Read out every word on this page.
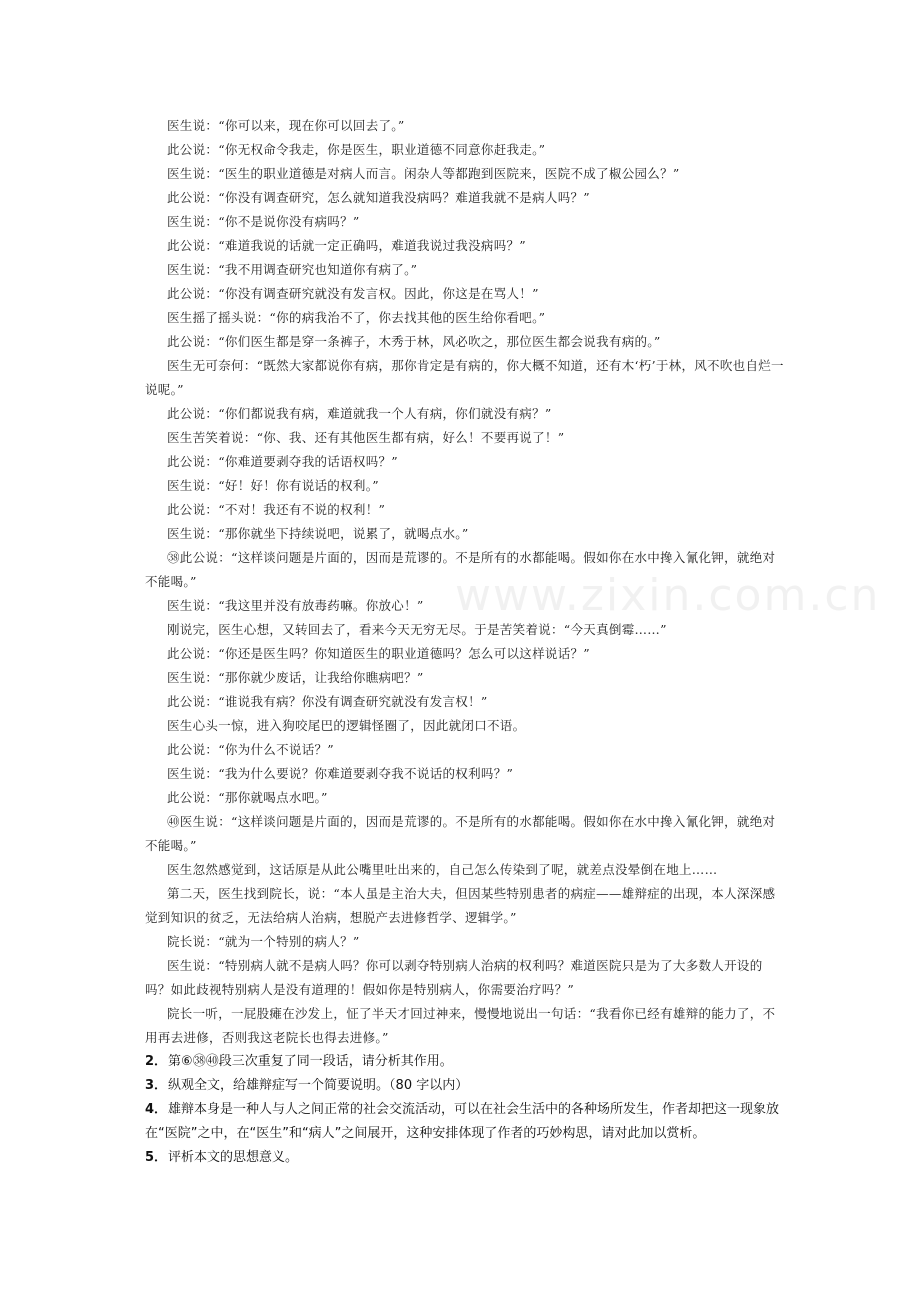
www.zixin.com.cn

医生说：“你可以来，现在你可以回去了。”

此公说：“你无权命令我走，你是医生，职业道德不同意你赶我走。”

医生说：“医生的职业道德是对病人而言。闲杂人等都跑到医院来，医院不成了椒公园么？”

此公说：“你没有调查研究，怎么就知道我没病吗？难道我就不是病人吗？”

医生说：“你不是说你没有病吗？”

此公说：“难道我说的话就一定正确吗，难道我说过我没病吗？”

医生说：“我不用调查研究也知道你有病了。”

此公说：“你没有调查研究就没有发言权。因此，你这是在骂人！”

医生摇了摇头说：“你的病我治不了，你去找其他的医生给你看吧。”

此公说：“你们医生都是穿一条裤子，木秀于林，风必吹之，那位医生都会说我有病的。”

医生无可奈何：“既然大家都说你有病，那你肯定是有病的，你大概不知道，还有木‘朽’于林，风不吹也自烂一说呢。”

此公说：“你们都说我有病，难道就我一个人有病，你们就没有病？”

医生苦笑着说：“你、我、还有其他医生都有病，好么！不要再说了！”

此公说：“你难道要剥夺我的话语权吗？”

医生说：“好！好！你有说话的权利。”

此公说：“不对！我还有不说的权利！”

医生说：“那你就坐下持续说吧，说累了，就喝点水。”

㊳此公说：“这样谈问题是片面的，因而是荒谬的。不是所有的水都能喝。假如你在水中搀入氰化钾，就绝对不能喝。”

医生说：“我这里并没有放毒药嘛。你放心！”

刚说完，医生心想，又转回去了，看来今天无穷无尽。于是苦笑着说：“今天真倒霉……”

此公说：“你还是医生吗？你知道医生的职业道德吗？怎么可以这样说话？”

医生说：“那你就少废话，让我给你瞧病吧？”

此公说：“谁说我有病？你没有调查研究就没有发言权！”

医生心头一惊，进入狗咬尾巴的逻辑怪圈了，因此就闭口不语。

此公说：“你为什么不说话？”

医生说：“我为什么要说？你难道要剥夺我不说话的权利吗？”

此公说：“那你就喝点水吧。”

㊵医生说：“这样谈问题是片面的，因而是荒谬的。不是所有的水都能喝。假如你在水中搀入氰化钾，就绝对不能喝。”

医生忽然感觉到，这话原是从此公嘴里吐出来的，自己怎么传染到了呢，就差点没晕倒在地上……

第二天，医生找到院长，说：“本人虽是主治大夫，但因某些特别患者的病症——雄辩症的出现，本人深深感觉到知识的贫乏，无法给病人治病，想脱产去进修哲学、逻辑学。”

院长说：“就为一个特别的病人？”

医生说：“特别病人就不是病人吗？你可以剥夺特别病人治病的权利吗？难道医院只是为了大多数人开设的吗？如此歧视特别病人是没有道理的！假如你是特别病人，你需要治疗吗？”

院长一听，一屁股瘫在沙发上，怔了半天才回过神来，慢慢地说出一句话：“我看你已经有雄辩的能力了，不用再去进修，否则我这老院长也得去进修。”

2．第⑥㊳㊵段三次重复了同一段话，请分析其作用。

3．纵观全文，给雄辩症写一个简要说明。（80 字以内）

4．雄辩本身是一种人与人之间正常的社会交流活动，可以在社会生活中的各种场所发生，作者却把这一现象放在“医院”之中，在“医生”和“病人”之间展开，这种安排体现了作者的巧妙构思，请对此加以赏析。

5．评析本文的思想意义。
